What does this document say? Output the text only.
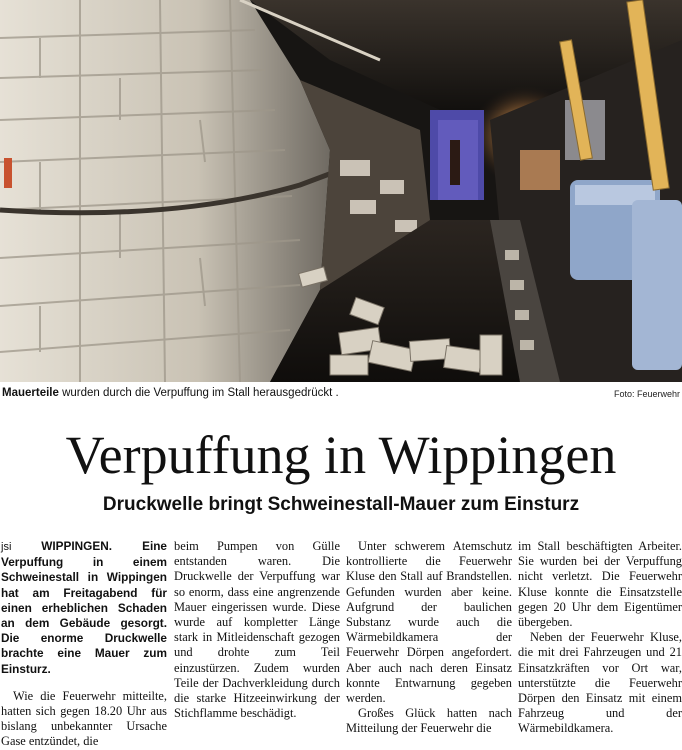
Mauerteile wurden durch die Verpuffung im Stall herausgedrückt .	Foto: Feuerwehr
Verpuffung in Wippingen
Druckwelle bringt Schweinestall-Mauer zum Einsturz

jsi WIPPINGEN. Eine Verpuffung in einem Schweinestall in Wippingen hat am Freitagabend für einen erheblichen Schaden an dem Gebäude gesorgt. Die enorme Druckwelle brachte eine Mauer zum Einsturz.

Wie die Feuerwehr mitteilte, hatten sich gegen 18.20 Uhr aus bislang unbekannter Ursache Gase entzündet, die

beim Pumpen von Gülle entstanden waren. Die Druckwelle der Verpuffung war so enorm, dass eine angrenzende Mauer eingerissen wurde. Diese wurde auf kompletter Länge stark in Mitleidenschaft gezogen und drohte zum Teil einzustürzen. Zudem wurden Teile der Dachverkleidung durch die starke Hitzeeinwirkung der Stichflamme beschädigt.

Unter schwerem Atemschutz kontrollierte die Feuerwehr Kluse den Stall auf Brandstellen. Gefunden wurden aber keine. Aufgrund der baulichen Substanz wurde auch die Wärmebildkamera der Feuerwehr Dörpen angefordert. Aber auch nach deren Einsatz konnte Entwarnung gegeben werden.

Großes Glück hatten nach Mitteilung der Feuerwehr die

im Stall beschäftigten Arbeiter. Sie wurden bei der Verpuffung nicht verletzt. Die Feuerwehr Kluse konnte die Einsatzstelle gegen 20 Uhr dem Eigentümer übergeben.

Neben der Feuerwehr Kluse, die mit drei Fahrzeugen und 21 Einsatzkräften vor Ort war, unterstützte die Feuerwehr Dörpen den Einsatz mit einem Fahrzeug und der Wärmebildkamera.
